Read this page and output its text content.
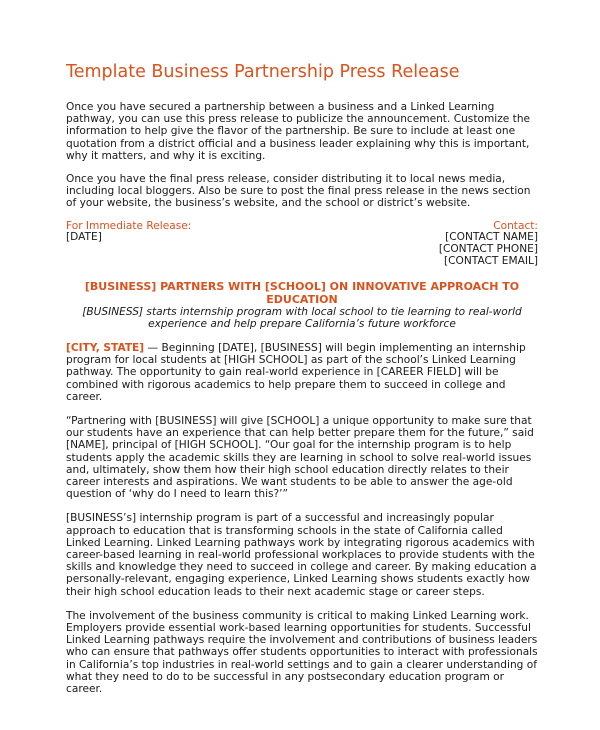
Template Business Partnership Press Release

Once you have secured a partnership between a business and a Linked Learning pathway, you can use this press release to publicize the announcement. Customize the information to help give the flavor of the partnership. Be sure to include at least one quotation from a district official and a business leader explaining why this is important, why it matters, and why it is exciting.

Once you have the final press release, consider distributing it to local news media, including local bloggers. Also be sure to post the final press release in the news section of your website, the business’s website, and the school or district’s website.

For Immediate Release:
[DATE]
Contact:
[CONTACT NAME]
[CONTACT PHONE]
[CONTACT EMAIL]
[BUSINESS] PARTNERS WITH [SCHOOL] ON INNOVATIVE APPROACH TO EDUCATION
[BUSINESS] starts internship program with local school to tie learning to real-world experience and help prepare California’s future workforce

[CITY, STATE] — Beginning [DATE], [BUSINESS] will begin implementing an internship program for local students at [HIGH SCHOOL] as part of the school’s Linked Learning pathway. The opportunity to gain real-world experience in [CAREER FIELD] will be combined with rigorous academics to help prepare them to succeed in college and career.

“Partnering with [BUSINESS] will give [SCHOOL] a unique opportunity to make sure that our students have an experience that can help better prepare them for the future,” said [NAME], principal of [HIGH SCHOOL]. “Our goal for the internship program is to help students apply the academic skills they are learning in school to solve real-world issues and, ultimately, show them how their high school education directly relates to their career interests and aspirations. We want students to be able to answer the age-old question of ‘why do I need to learn this?’”

[BUSINESS’s] internship program is part of a successful and increasingly popular approach to education that is transforming schools in the state of California called Linked Learning. Linked Learning pathways work by integrating rigorous academics with career-based learning in real-world professional workplaces to provide students with the skills and knowledge they need to succeed in college and career. By making education a personally-relevant, engaging experience, Linked Learning shows students exactly how their high school education leads to their next academic stage or career steps.

The involvement of the business community is critical to making Linked Learning work. Employers provide essential work-based learning opportunities for students. Successful Linked Learning pathways require the involvement and contributions of business leaders who can ensure that pathways offer students opportunities to interact with professionals in California’s top industries in real-world settings and to gain a clearer understanding of what they need to do to be successful in any postsecondary education program or career.
